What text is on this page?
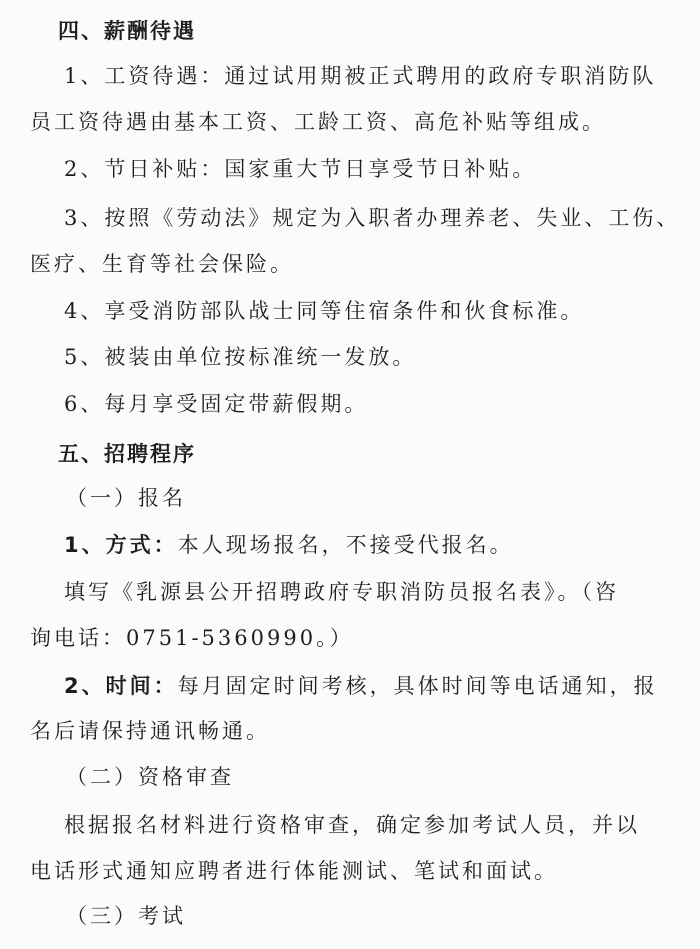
四、薪酬待遇
1、工资待遇：通过试用期被正式聘用的政府专职消防队
员工资待遇由基本工资、工龄工资、高危补贴等组成。
2、节日补贴：国家重大节日享受节日补贴。
3、按照《劳动法》规定为入职者办理养老、失业、工伤、
医疗、生育等社会保险。
4、享受消防部队战士同等住宿条件和伙食标准。
5、被装由单位按标准统一发放。
6、每月享受固定带薪假期。
五、招聘程序
（一）报名
1、方式：本人现场报名，不接受代报名。
填写《乳源县公开招聘政府专职消防员报名表》。（咨
询电话：0751-5360990。）
2、时间：每月固定时间考核，具体时间等电话通知，报
名后请保持通讯畅通。
（二）资格审查
根据报名材料进行资格审查，确定参加考试人员，并以
电话形式通知应聘者进行体能测试、笔试和面试。
（三）考试
